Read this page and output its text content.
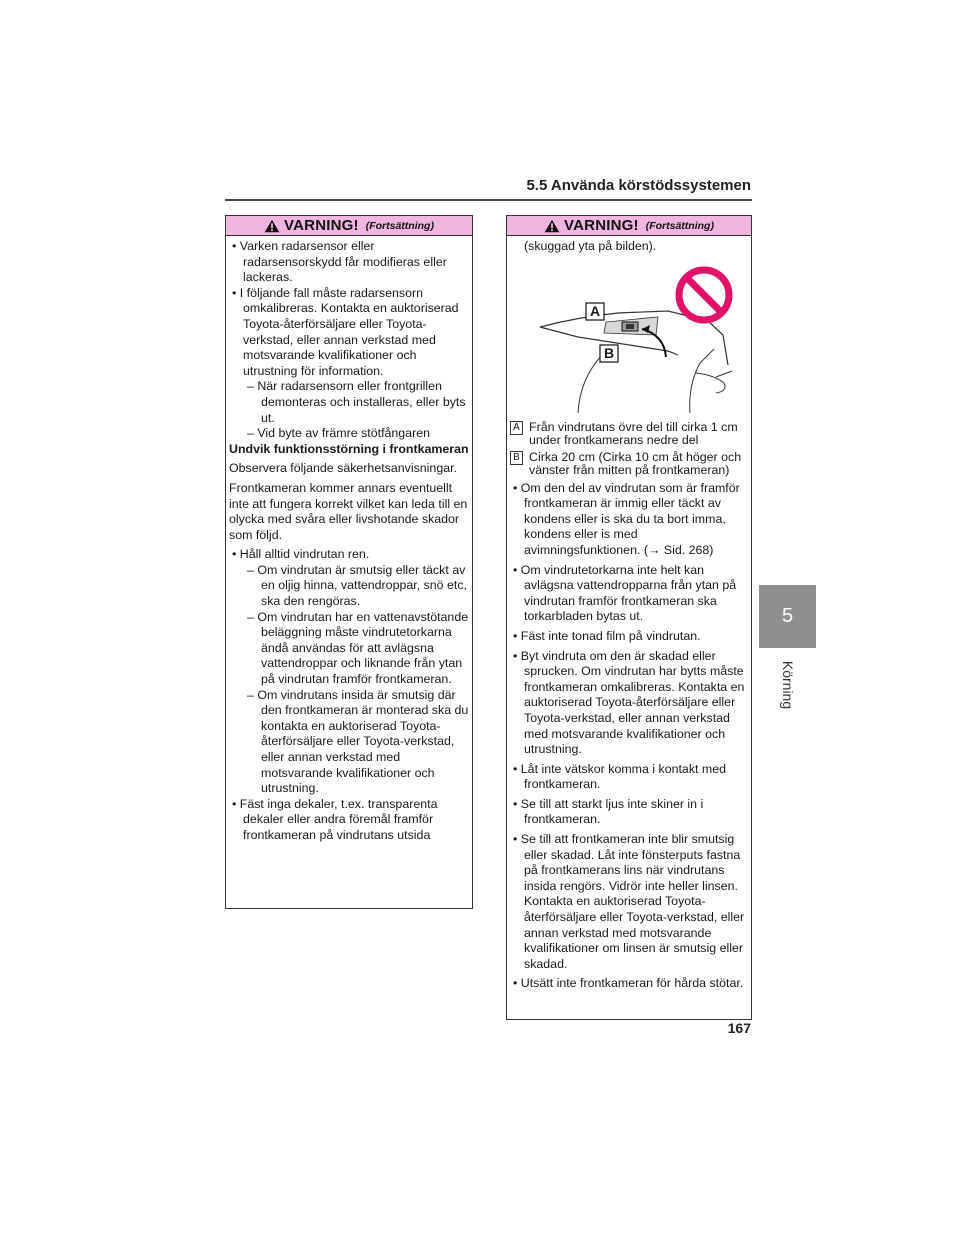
5.5 Använda körstödssystemen
5
Körning
VARNING! (Fortsättning)

• Varken radarsensor eller radarsensorskydd får modifieras eller lackeras.

• I följande fall måste radarsensorn omkalibreras. Kontakta en auktoriserad Toyota-återförsäljare eller Toyota-verkstad, eller annan verkstad med motsvarande kvalifikationer och utrustning för information.

– När radarsensorn eller frontgrillen demonteras och installeras, eller byts ut.

– Vid byte av främre stötfångaren

Undvik funktionsstörning i frontkameran

Observera följande säkerhetsanvisningar.

Frontkameran kommer annars eventuellt inte att fungera korrekt vilket kan leda till en olycka med svåra eller livshotande skador som följd.

• Håll alltid vindrutan ren.

– Om vindrutan är smutsig eller täckt av en oljig hinna, vattendroppar, snö etc, ska den rengöras.

– Om vindrutan har en vattenavstötande beläggning måste vindrutetorkarna ändå användas för att avlägsna vattendroppar och liknande från ytan på vindrutan framför frontkameran.

– Om vindrutans insida är smutsig där den frontkameran är monterad ska du kontakta en auktoriserad Toyota-återförsäljare eller Toyota-verkstad, eller annan verkstad med motsvarande kvalifikationer och utrustning.

• Fäst inga dekaler, t.ex. transparenta dekaler eller andra föremål framför frontkameran på vindrutans utsida

VARNING! (Fortsättning)

(skuggad yta på bilden).

A
B
A Från vindrutans övre del till cirka 1 cm under frontkamerans nedre del
B Cirka 20 cm (Cirka 10 cm åt höger och vänster från mitten på frontkameran)

• Om den del av vindrutan som är framför frontkameran är immig eller täckt av kondens eller is ska du ta bort imma, kondens eller is med avimningsfunktionen. (→ Sid. 268)

• Om vindrutetorkarna inte helt kan avlägsna vattendropparna från ytan på vindrutan framför frontkameran ska torkarbladen bytas ut.

• Fäst inte tonad film på vindrutan.

• Byt vindruta om den är skadad eller sprucken. Om vindrutan har bytts måste frontkameran omkalibreras. Kontakta en auktoriserad Toyota-återförsäljare eller Toyota-verkstad, eller annan verkstad med motsvarande kvalifikationer och utrustning.

• Låt inte vätskor komma i kontakt med frontkameran.

• Se till att starkt ljus inte skiner in i frontkameran.

• Se till att frontkameran inte blir smutsig eller skadad. Låt inte fönsterputs fastna på frontkamerans lins när vindrutans insida rengörs. Vidrör inte heller linsen. Kontakta en auktoriserad Toyota-återförsäljare eller Toyota-verkstad, eller annan verkstad med motsvarande kvalifikationer om linsen är smutsig eller skadad.

• Utsätt inte frontkameran för hårda stötar.

167
